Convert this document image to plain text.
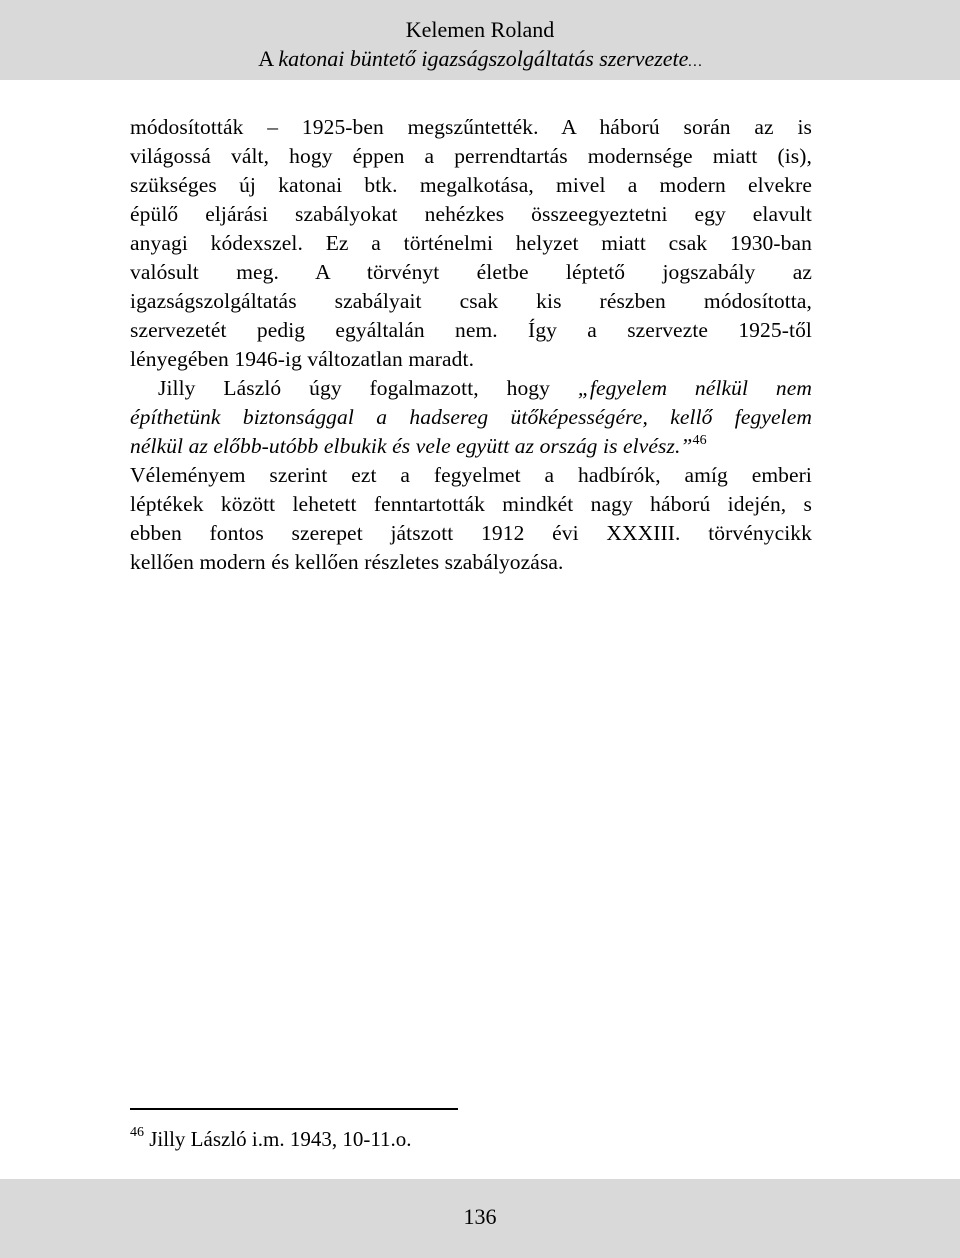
Kelemen Roland
A katonai büntető igazságszolgáltatás szervezete…
módosították – 1925-ben megszűntették. A háború során az is
világossá vált, hogy éppen a perrendtartás modernsége miatt (is),
szükséges új katonai btk. megalkotása, mivel a modern elvekre
épülő eljárási szabályokat nehézkes összeegyeztetni egy elavult
anyagi kódexszel. Ez a történelmi helyzet miatt csak 1930-ban
valósult meg. A törvényt életbe léptető jogszabály az
igazságszolgáltatás szabályait csak kis részben módosította,
szervezetét pedig egyáltalán nem. Így a szervezte 1925-től
lényegében 1946-ig változatlan maradt.
Jilly László úgy fogalmazott, hogy „fegyelem nélkül nem
építhetünk biztonsággal a hadsereg ütőképességére, kellő fegyelem
nélkül az előbb-utóbb elbukik és vele együtt az ország is elvész.”$^{46}$
Véleményem szerint ezt a fegyelmet a hadbírók, amíg emberi
léptékek között lehetett fenntartották mindkét nagy háború idején, s
ebben fontos szerepet játszott 1912 évi XXXIII. törvénycikk
kellően modern és kellően részletes szabályozása.
$^{46}$ Jilly László i.m. 1943, 10-11.o.
136
